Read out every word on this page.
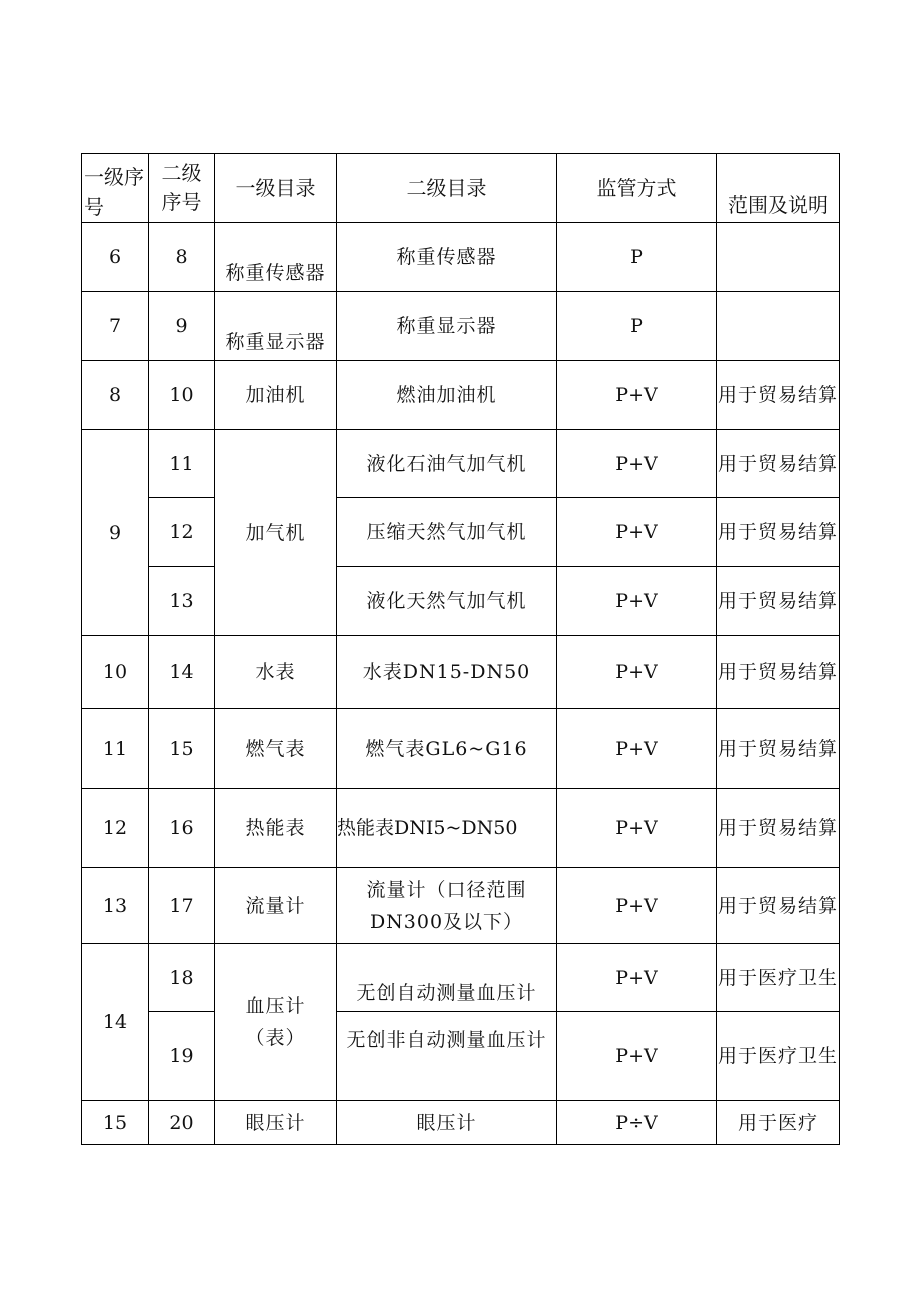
一级序号	二级序号	一级目录	二级目录	监管方式	范围及说明
6	8	称重传感器	称重传感器	P	
7	9	称重显示器	称重显示器	P	
8	10	加油机	燃油加油机	P+V	用于贸易结算
9	11	加气机	液化石油气加气机	P+V	用于贸易结算
	12		压缩天然气加气机	P+V	用于贸易结算
	13		液化天然气加气机	P+V	用于贸易结算
10	14	水表	水表DN15-DN50	P+V	用于贸易结算
11	15	燃气表	燃气表GL6~G16	P+V	用于贸易结算
12	16	热能表	热能表DNI5~DN50	P+V	用于贸易结算
13	17	流量计	流量计（口径范围DN300及以下）	P+V	用于贸易结算
14	18	血压计（表）	无创自动测量血压计	P+V	用于医疗卫生
	19		无创非自动测量血压计	P+V	用于医疗卫生
15	20	眼压计	眼压计	P÷V	用于医疗
